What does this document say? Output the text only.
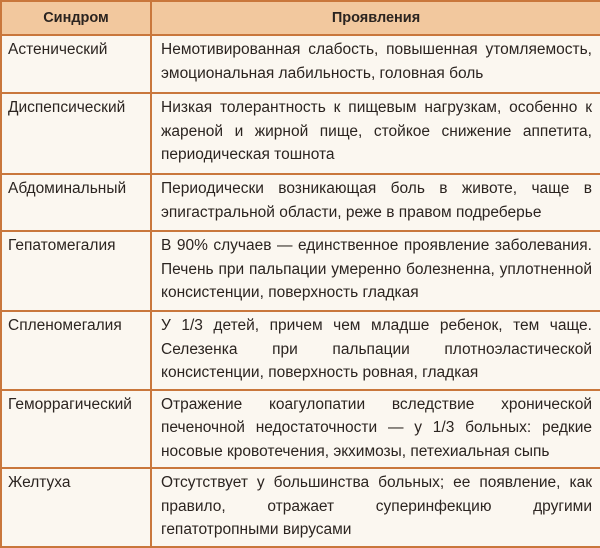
Синдром	Проявления
Астенический	Немотивированная слабость, повышенная утомляемость, эмоциональная лабильность, головная боль
Диспепсический	Низкая толерантность к пищевым нагрузкам, особенно к жареной и жирной пище, стойкое снижение аппетита, периодическая тошнота
Абдоминальный	Периодически возникающая боль в животе, чаще в эпигастральной области, реже в правом подреберье
Гепатомегалия	В 90% случаев — единственное проявление заболевания. Печень при пальпации умеренно болезненна, уплотненной консистенции, поверхность гладкая
Спленомегалия	У 1/3 детей, причем чем младше ребенок, тем чаще. Селезенка при пальпации плотноэластической консистенции, поверхность ровная, гладкая
Геморрагический	Отражение коагулопатии вследствие хронической печеночной недостаточности — у 1/3 больных: редкие носовые кровотечения, экхимозы, петехиальная сыпь
Желтуха	Отсутствует у большинства больных; ее появление, как правило, отражает суперинфекцию другими гепатотропными вирусами
